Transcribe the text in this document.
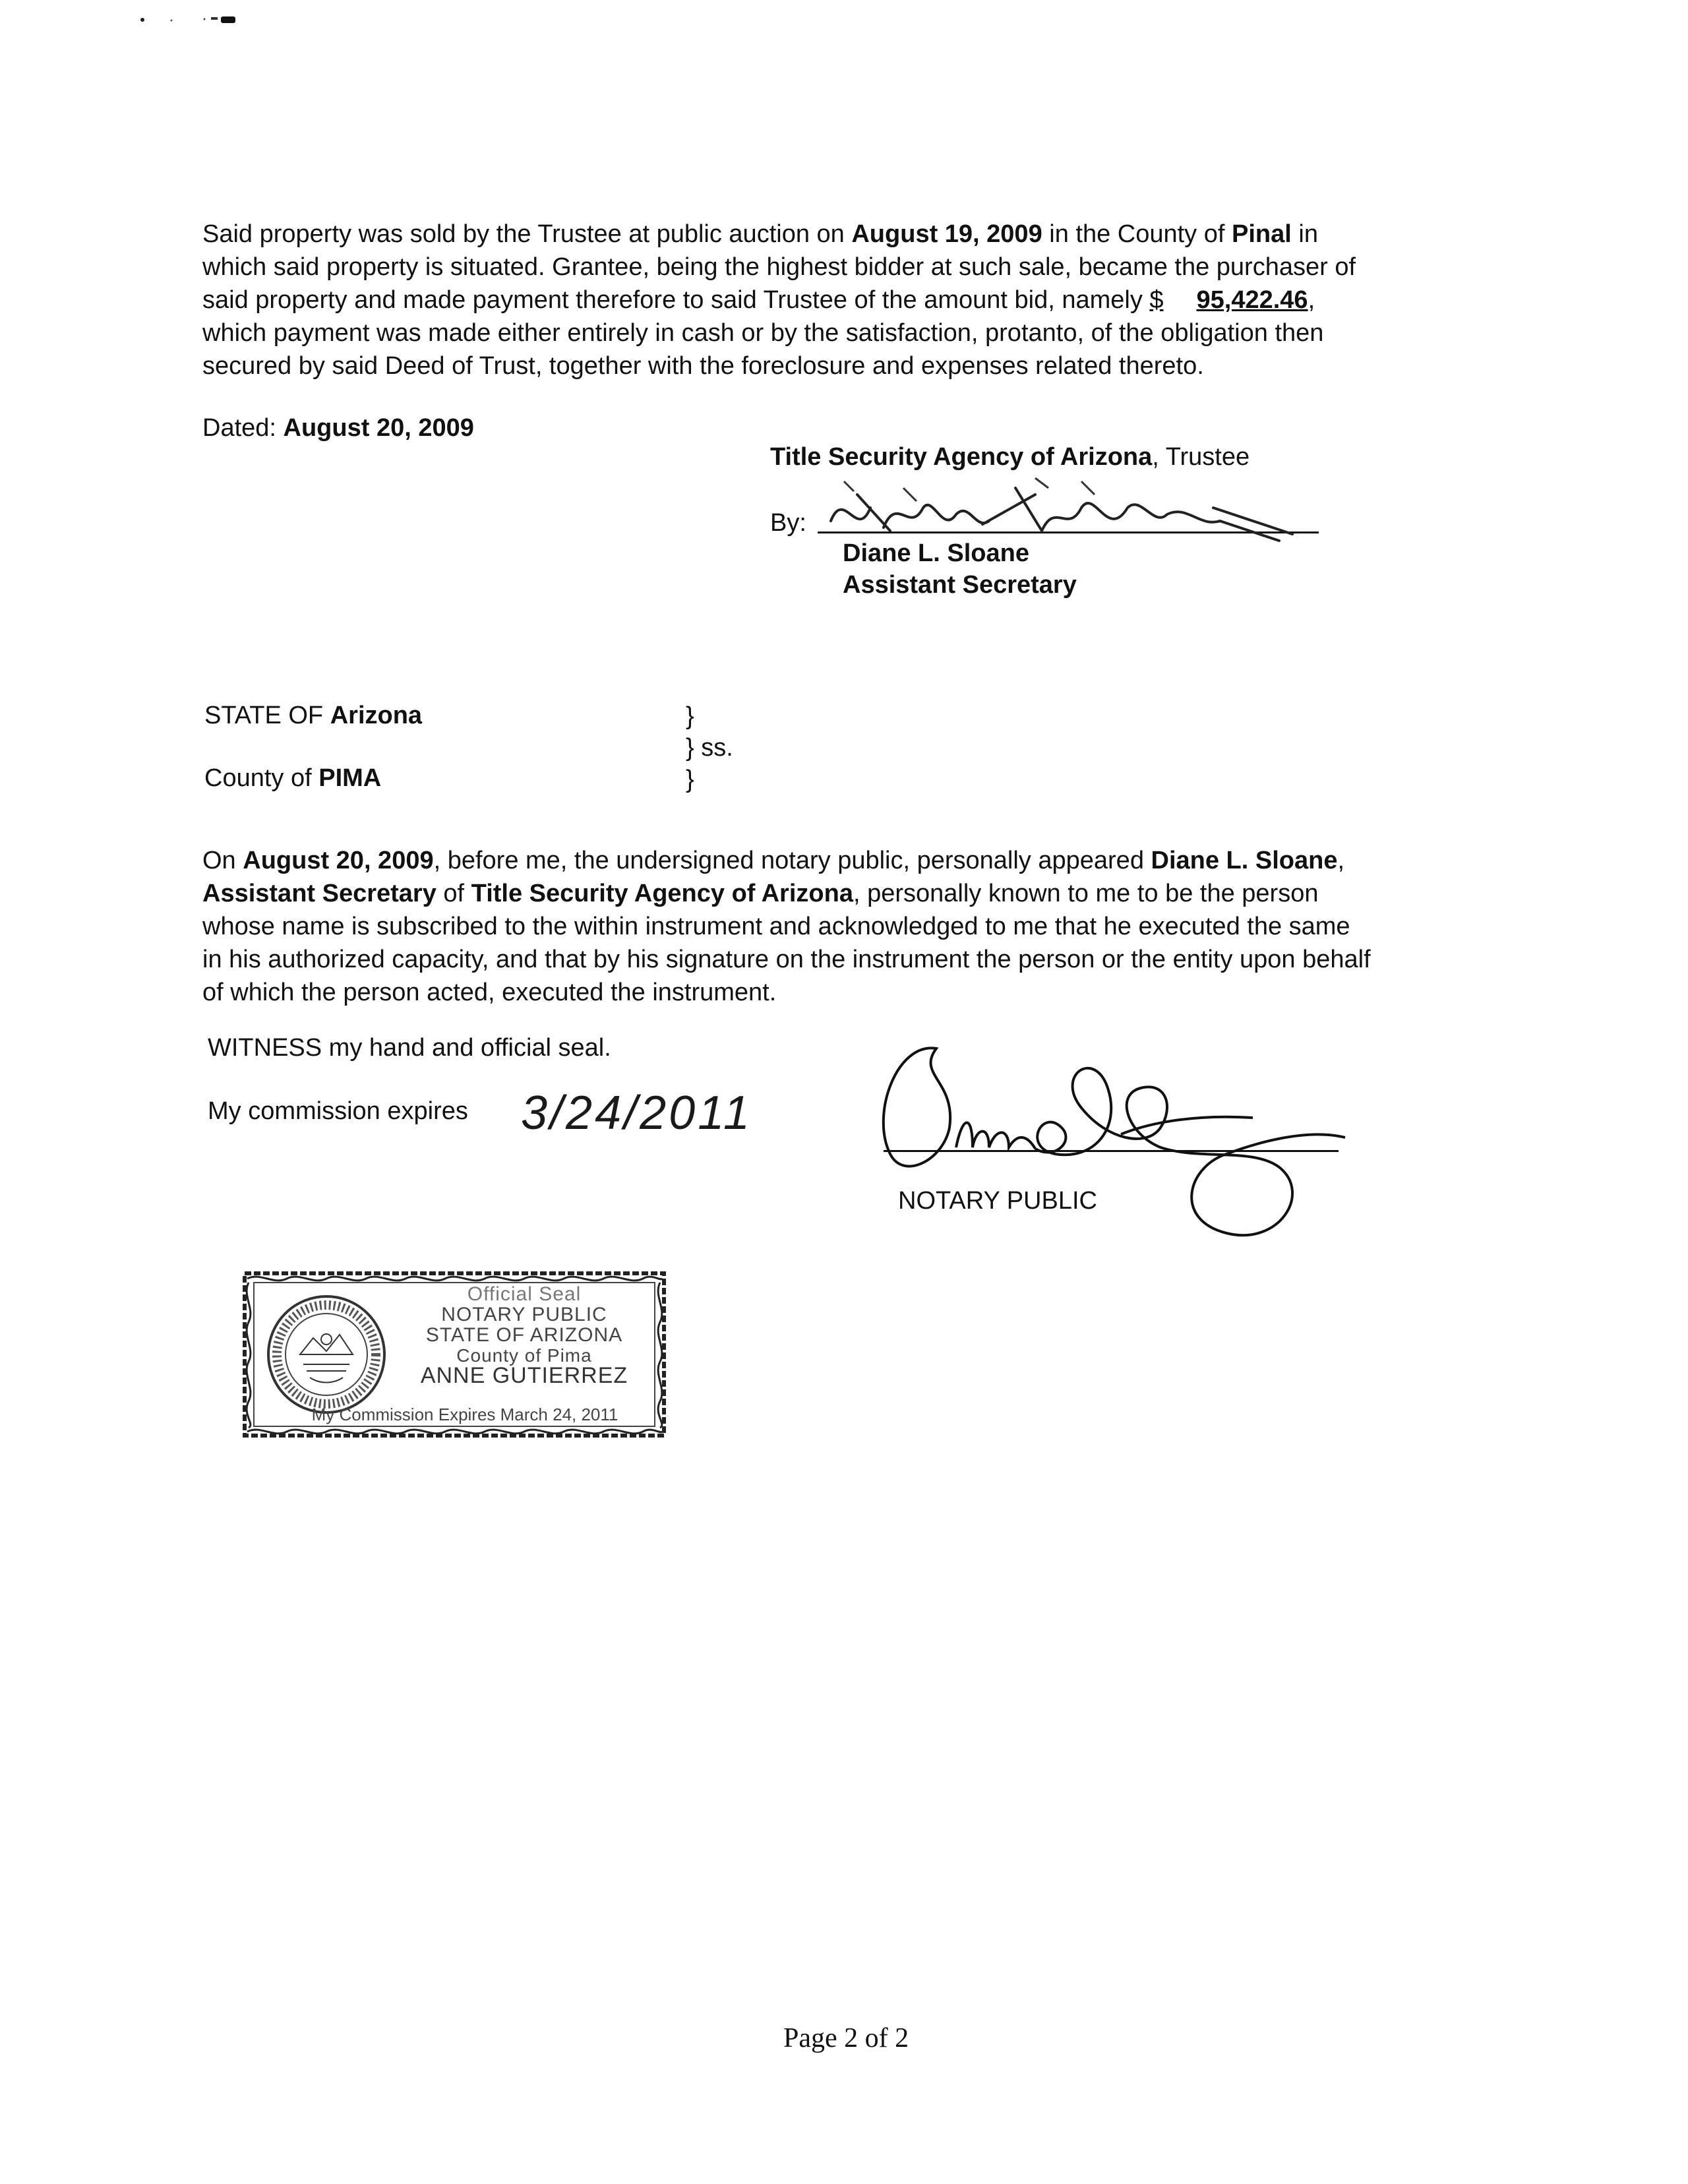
Said property was sold by the Trustee at public auction on August 19, 2009 in the County of Pinal in
which said property is situated. Grantee, being the highest bidder at such sale, became the purchaser of
said property and made payment therefore to said Trustee of the amount bid, namely $ 95,422.46,
which payment was made either entirely in cash or by the satisfaction, protanto, of the obligation then
secured by said Deed of Trust, together with the foreclosure and expenses related thereto.
Dated: August 20, 2009
Title Security Agency of Arizona, Trustee
By:
Diane L. Sloane
Assistant Secretary
STATE OF Arizona
County of PIMA
}
} ss.
}
On August 20, 2009, before me, the undersigned notary public, personally appeared Diane L. Sloane,
Assistant Secretary of Title Security Agency of Arizona, personally known to me to be the person
whose name is subscribed to the within instrument and acknowledged to me that he executed the same
in his authorized capacity, and that by his signature on the instrument the person or the entity upon behalf
of which the person acted, executed the instrument.
WITNESS my hand and official seal.
My commission expires 3/24/2011
NOTARY PUBLIC
Official Seal
NOTARY PUBLIC
STATE OF ARIZONA
County of Pima
ANNE GUTIERREZ
My Commission Expires March 24, 2011
Page 2 of 2
